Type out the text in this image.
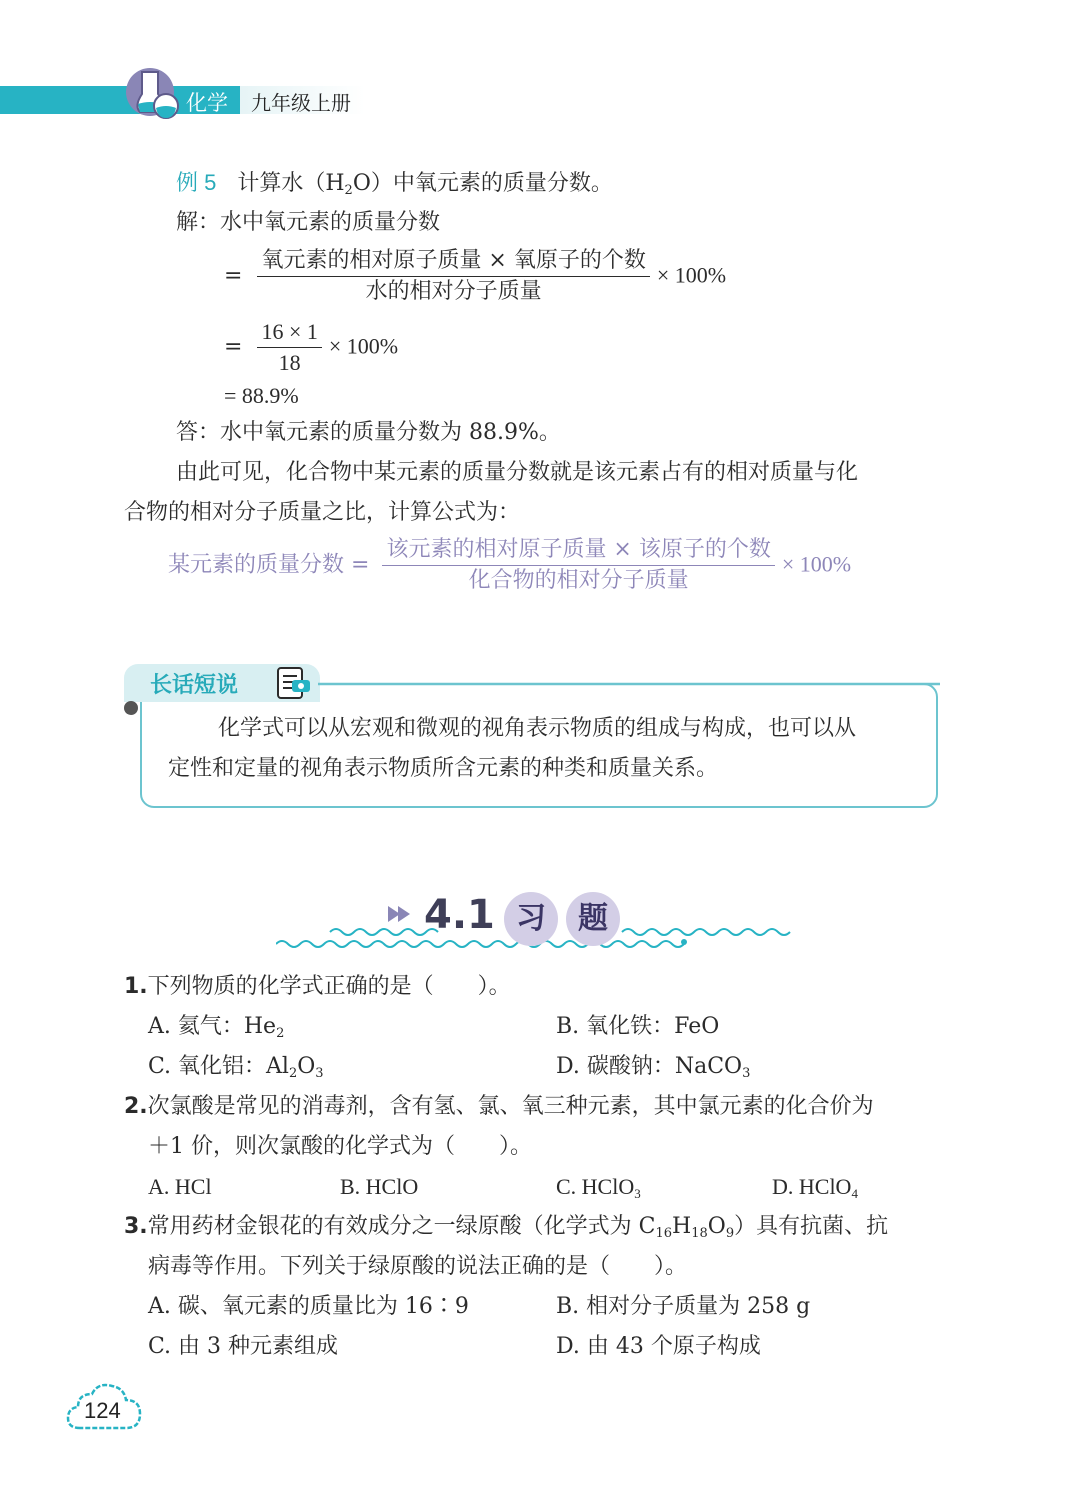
化学 九年级上册
例 5 计算水$(H_2O)$中氧元素的质量分数。
解：水中氧元素的质量分数
= $\frac{\text{氧元素的相对原子质量 × 氧原子的个数}}{\text{水的相对分子质量}} \times 100\%$
= $\frac{16 \times 1}{18} \times 100\%$
= 88.9%
答：水中氧元素的质量分数为 88.9%。
由此可见，化合物中某元素的质量分数就是该元素占有的相对质量与化
合物的相对分子质量之比，计算公式为：
某元素的质量分数 = $\frac{\text{该元素的相对原子质量 × 该原子的个数}}{\text{化合物的相对分子质量}} \times 100\%$
长话短说
化学式可以从宏观和微观的视角表示物质的组成与构成，也可以从
定性和定量的视角表示物质所含元素的种类和质量关系。
4.1 习	题
1.下列物质的化学式正确的是（　　）。
A. 氦气：$He_2$	B. 氧化铁：FeO
C. 氧化铝：$Al_2O_3$	D. 碳酸钠：NaCO$_3$
2.次氯酸是常见的消毒剂，含有氢、氯、氧三种元素，其中氯元素的化合价为
＋1 价，则次氯酸的化学式为（　　）。
A. HCl	B. HClO	C. HClO$_3$	D. HClO$_4$
3.常用药材金银花的有效成分之一绿原酸（化学式为 $C_{16}H_{18}O_9$）具有抗菌、抗
病毒等作用。下列关于绿原酸的说法正确的是（　　）。
A. 碳、氧元素的质量比为 16∶9	B. 相对分子质量为 258 g
C. 由 3 种元素组成	D. 由 43 个原子构成
124
